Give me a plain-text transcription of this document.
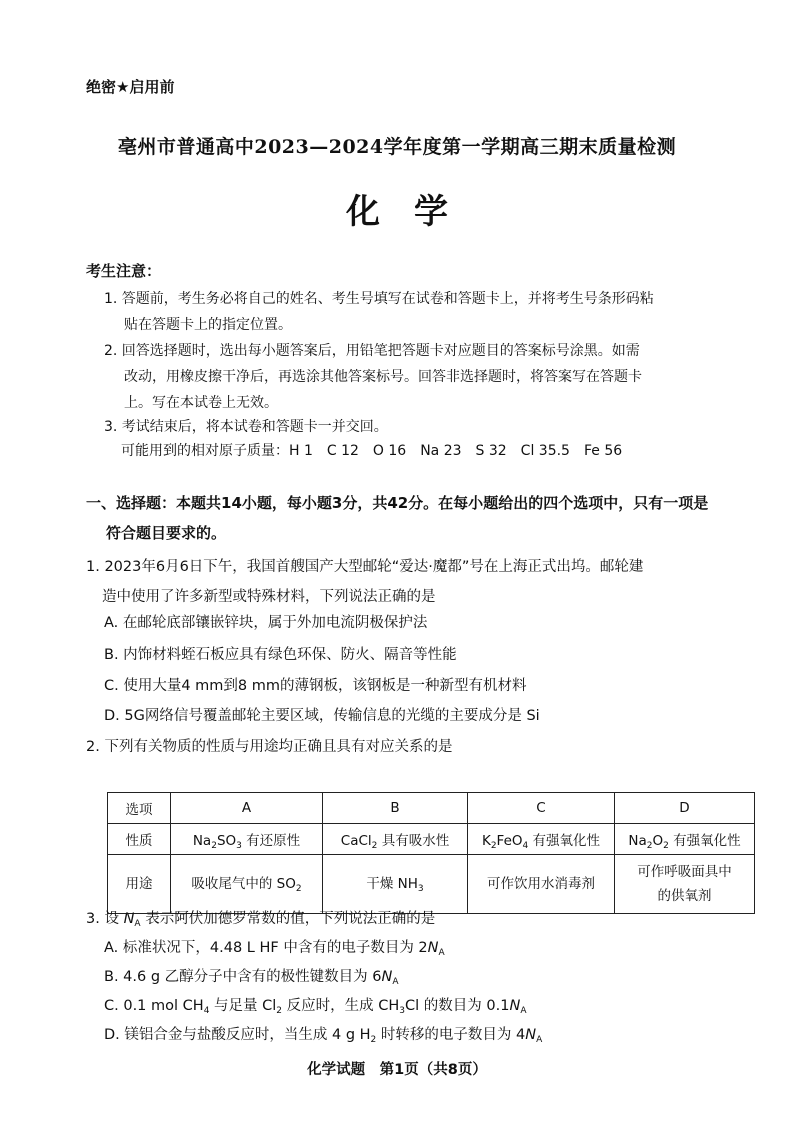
绝密★启用前
亳州市普通高中2023—2024学年度第一学期高三期末质量检测
化学
考生注意：
1. 答题前，考生务必将自己的姓名、考生号填写在试卷和答题卡上，并将考生号条形码粘
贴在答题卡上的指定位置。
2. 回答选择题时，选出每小题答案后，用铅笔把答题卡对应题目的答案标号涂黑。如需
改动，用橡皮擦干净后，再选涂其他答案标号。回答非选择题时，将答案写在答题卡
上。写在本试卷上无效。
3. 考试结束后，将本试卷和答题卡一并交回。
可能用到的相对原子质量：H 1　C 12　O 16　Na 23　S 32　Cl 35.5　Fe 56
一、选择题：本题共14小题，每小题3分，共42分。在每小题给出的四个选项中，只有一项是
符合题目要求的。
1. 2023年6月6日下午，我国首艘国产大型邮轮“爱达·魔都”号在上海正式出坞。邮轮建
造中使用了许多新型或特殊材料，下列说法正确的是
A. 在邮轮底部镶嵌锌块，属于外加电流阴极保护法
B. 内饰材料蛭石板应具有绿色环保、防火、隔音等性能
C. 使用大量4 mm到8 mm的薄钢板，该钢板是一种新型有机材料
D. 5G网络信号覆盖邮轮主要区域，传输信息的光缆的主要成分是 Si
2. 下列有关物质的性质与用途均正确且具有对应关系的是
选项	A	B	C	D
性质	$Na_2SO_3$ 有还原性	CaCl$_2$ 具有吸水性	$K_2FeO_4$ 有强氧化性	$Na_2O_2$ 有强氧化性
用途	吸收尾气中的 $SO_2$	干燥 $NH_3$	可作饮用水消毒剂	可作呼吸面具中
的供氧剂
3. 设 $N_A$ 表示阿伏加德罗常数的值，下列说法正确的是
A. 标准状况下，4.48 L HF 中含有的电子数目为 $2N_A$
B. 4.6 g 乙醇分子中含有的极性键数目为 $6N_A$
C. 0.1 mol $CH_4$ 与足量 $Cl_2$ 反应时，生成 $CH_3Cl$ 的数目为 $0.1N_A$
D. 镁铝合金与盐酸反应时，当生成 4 g $H_2$ 时转移的电子数目为 $4N_A$
化学试题　第1页（共8页）
